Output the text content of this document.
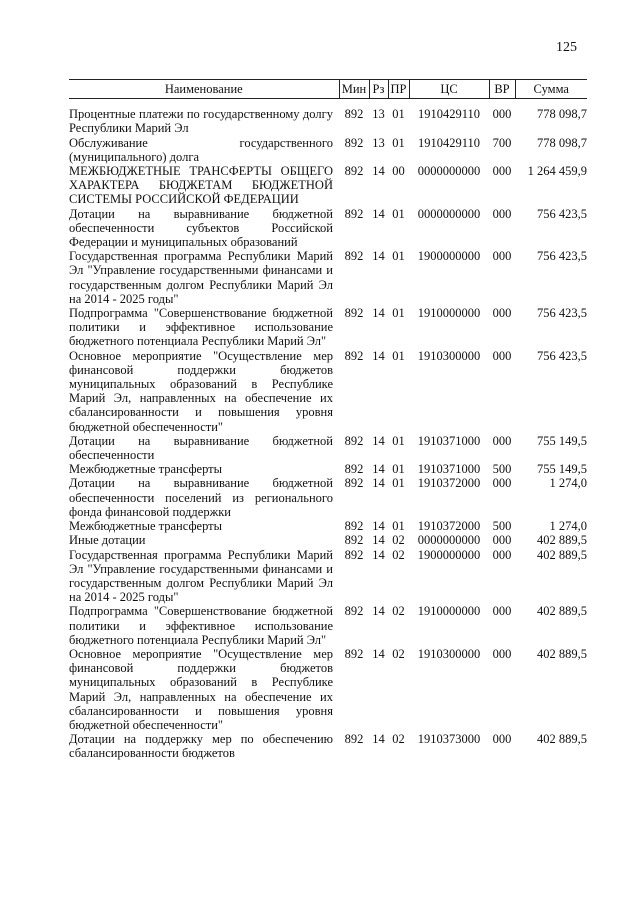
125
Наименование	Мин	Рз	ПР	ЦС	ВР	Сумма
Процентные платежи по государственному долгу Республики Марий Эл	892	13	01	1910429110	000	778 098,7
Обслуживание государственного (муниципального) долга	892	13	01	1910429110	700	778 098,7
МЕЖБЮДЖЕТНЫЕ ТРАНСФЕРТЫ ОБЩЕГО ХАРАКТЕРА БЮДЖЕТАМ БЮДЖЕТНОЙ СИСТЕМЫ РОССИЙСКОЙ ФЕДЕРАЦИИ	892	14	00	0000000000	000	1 264 459,9
Дотации на выравнивание бюджетной обеспеченности субъектов Российской Федерации и муниципальных образований	892	14	01	0000000000	000	756 423,5
Государственная программа Республики Марий Эл "Управление государственными финансами и государственным долгом Республики Марий Эл на 2014 - 2025 годы"	892	14	01	1900000000	000	756 423,5
Подпрограмма "Совершенствование бюджетной политики и эффективное использование бюджетного потенциала Республики Марий Эл"	892	14	01	1910000000	000	756 423,5
Основное мероприятие "Осуществление мер финансовой поддержки бюджетов муниципальных образований в Республике Марий Эл, направленных на обеспечение их сбалансированности и повышения уровня бюджетной обеспеченности"	892	14	01	1910300000	000	756 423,5
Дотации на выравнивание бюджетной обеспеченности	892	14	01	1910371000	000	755 149,5
Межбюджетные трансферты	892	14	01	1910371000	500	755 149,5
Дотации на выравнивание бюджетной обеспеченности поселений из регионального фонда финансовой поддержки	892	14	01	1910372000	000	1 274,0
Межбюджетные трансферты	892	14	01	1910372000	500	1 274,0
Иные дотации	892	14	02	0000000000	000	402 889,5
Государственная программа Республики Марий Эл "Управление государственными финансами и государственным долгом Республики Марий Эл на 2014 - 2025 годы"	892	14	02	1900000000	000	402 889,5
Подпрограмма "Совершенствование бюджетной политики и эффективное использование бюджетного потенциала Республики Марий Эл"	892	14	02	1910000000	000	402 889,5
Основное мероприятие "Осуществление мер финансовой поддержки бюджетов муниципальных образований в Республике Марий Эл, направленных на обеспечение их сбалансированности и повышения уровня бюджетной обеспеченности"	892	14	02	1910300000	000	402 889,5
Дотации на поддержку мер по обеспечению сбалансированности бюджетов	892	14	02	1910373000	000	402 889,5
